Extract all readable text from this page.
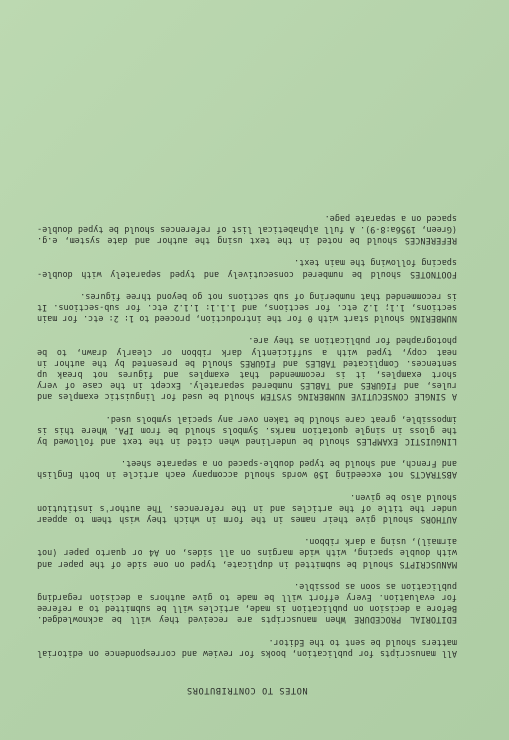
NOTES TO CONTRIBUTORS

All manuscripts for publication, books for review and correspondence on editorial matters should be sent to the Editor.

EDITORIAL PROCEDURE When manuscripts are received they will be acknowledged. Before a decision on publication is made, articles will be submitted to a referee for evaluation. Every effort will be made to give authors a decision regarding publication as soon as possible.

MANUSCRIPTS should be submitted in duplicate, typed on one side of the paper and with double spacing, with wide margins on all sides, on A4 or quarto paper (not airmail), using a dark ribbon.

AUTHORS should give their names in the form in which they wish them to appear under the title of the articles and in the references. The author's institution should also be given.

ABSTRACTS not exceeding 150 words should accompany each article in both English and French, and should be typed double-spaced on a separate sheet.

LINGUISTIC EXAMPLES should be underlined when cited in the text and followed by the gloss in single quotation marks. Symbols should be from IPA. Where this is impossible, great care should be taken over any special symbols used.

A SINGLE CONSECUTIVE NUMBERING SYSTEM should be used for linguistic examples and rules, and FIGURES and TABLES numbered separately. Except in the case of very short examples, it is recommended that examples and figures not break up sentences. Complicated TABLES and FIGURES should be presented by the author in neat copy, typed with a sufficiently dark ribbon or clearly drawn, to be photographed for publication as they are.

NUMBERING should start with 0 for the introduction, proceed to 1: 2: etc. for main sections, 1.1; 1.2 etc. for sections, and 1.1.1: 1.1.2 etc. for sub-sections. It is recommended that numbering of sub sections not go beyond three figures.

FOOTNOTES should be numbered consecutively and typed separately with double-spacing following the main text.

REFERENCES should be noted in the text using the author and date system, e.g. (Green, 1956a:8-9). A full alphabetical list of references should be typed double-spaced on a separate page.
